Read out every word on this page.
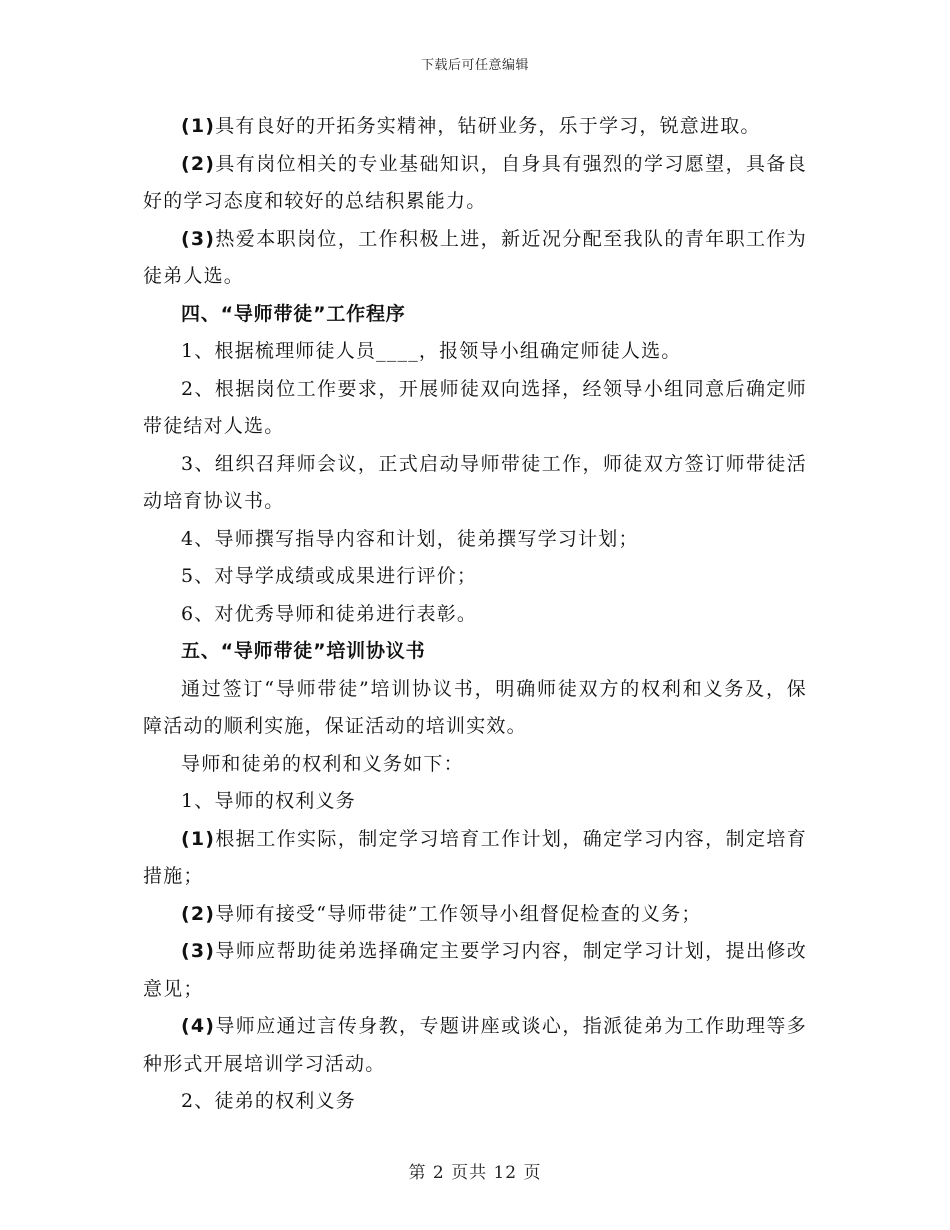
下载后可任意编辑

(1)具有良好的开拓务实精神，钻研业务，乐于学习，锐意进取。

(2)具有岗位相关的专业基础知识，自身具有强烈的学习愿望，具备良好的学习态度和较好的总结积累能力。

(3)热爱本职岗位，工作积极上进，新近况分配至我队的青年职工作为徒弟人选。

四、“导师带徒”工作程序

1、根据梳理师徒人员____，报领导小组确定师徒人选。

2、根据岗位工作要求，开展师徒双向选择，经领导小组同意后确定师带徒结对人选。

3、组织召拜师会议，正式启动导师带徒工作，师徒双方签订师带徒活动培育协议书。

4、导师撰写指导内容和计划，徒弟撰写学习计划；

5、对导学成绩或成果进行评价；

6、对优秀导师和徒弟进行表彰。

五、“导师带徒”培训协议书

通过签订“导师带徒”培训协议书，明确师徒双方的权利和义务及，保障活动的顺利实施，保证活动的培训实效。

导师和徒弟的权利和义务如下：

1、导师的权利义务

(1)根据工作实际，制定学习培育工作计划，确定学习内容，制定培育措施；

(2)导师有接受“导师带徒”工作领导小组督促检查的义务；

(3)导师应帮助徒弟选择确定主要学习内容，制定学习计划，提出修改意见；

(4)导师应通过言传身教，专题讲座或谈心，指派徒弟为工作助理等多种形式开展培训学习活动。

2、徒弟的权利义务

第 2 页共 12 页
